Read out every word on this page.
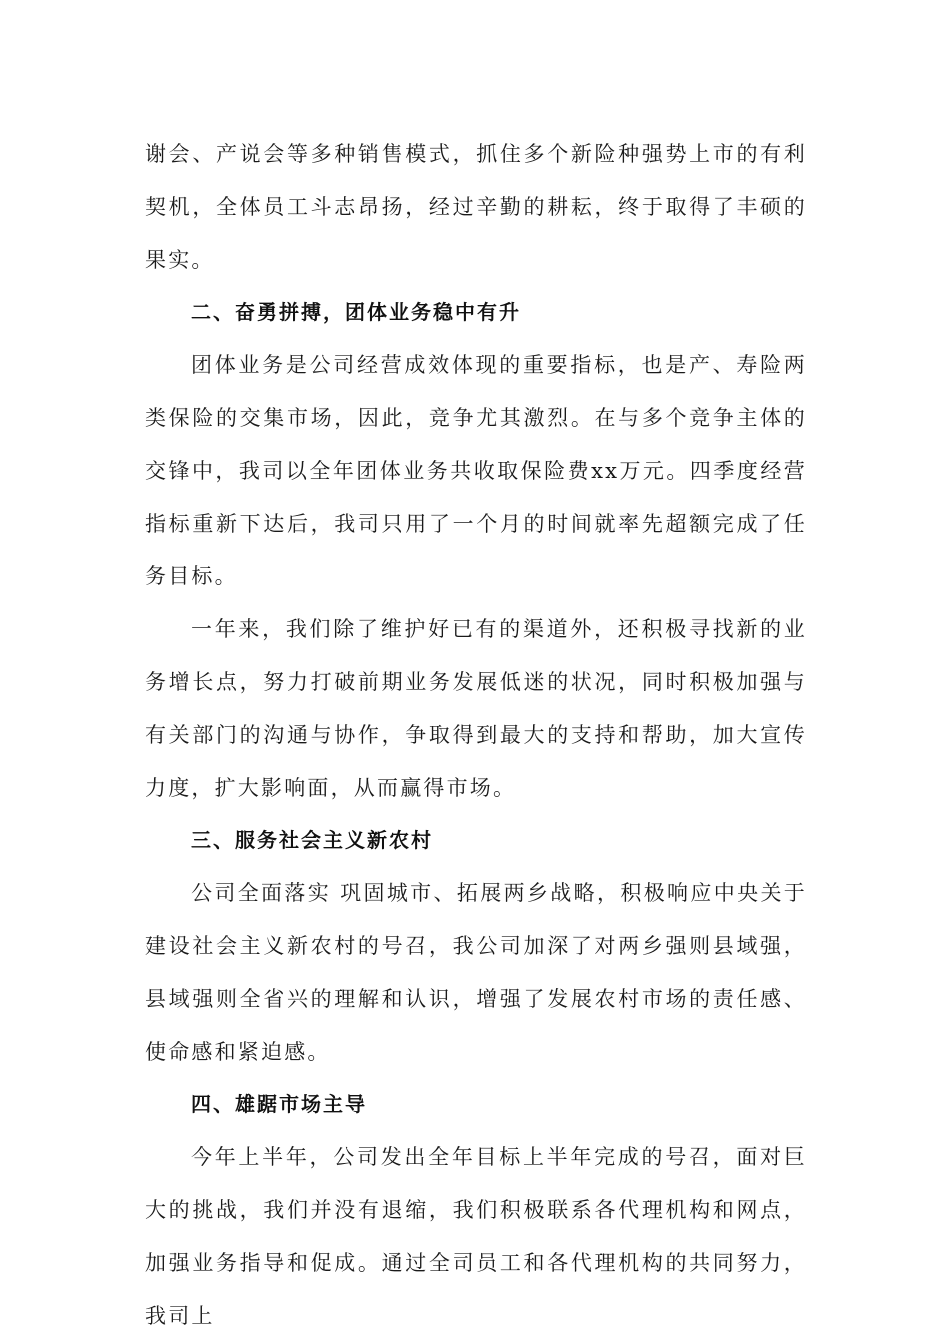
谢会、产说会等多种销售模式，抓住多个新险种强势上市的有利契机，全体员工斗志昂扬，经过辛勤的耕耘，终于取得了丰硕的果实。

二、奋勇拼搏，团体业务稳中有升

团体业务是公司经营成效体现的重要指标，也是产、寿险两类保险的交集市场，因此，竞争尤其激烈。在与多个竞争主体的交锋中，我司以全年团体业务共收取保险费xx万元。四季度经营指标重新下达后，我司只用了一个月的时间就率先超额完成了任务目标。

一年来，我们除了维护好已有的渠道外，还积极寻找新的业务增长点，努力打破前期业务发展低迷的状况，同时积极加强与有关部门的沟通与协作，争取得到最大的支持和帮助，加大宣传力度，扩大影响面，从而赢得市场。

三、服务社会主义新农村

公司全面落实 巩固城市、拓展两乡战略，积极响应中央关于建设社会主义新农村的号召，我公司加深了对两乡强则县域强，县域强则全省兴的理解和认识，增强了发展农村市场的责任感、使命感和紧迫感。

四、雄踞市场主导

今年上半年，公司发出全年目标上半年完成的号召，面对巨大的挑战，我们并没有退缩，我们积极联系各代理机构和网点，加强业务指导和促成。通过全司员工和各代理机构的共同努力，我司上
